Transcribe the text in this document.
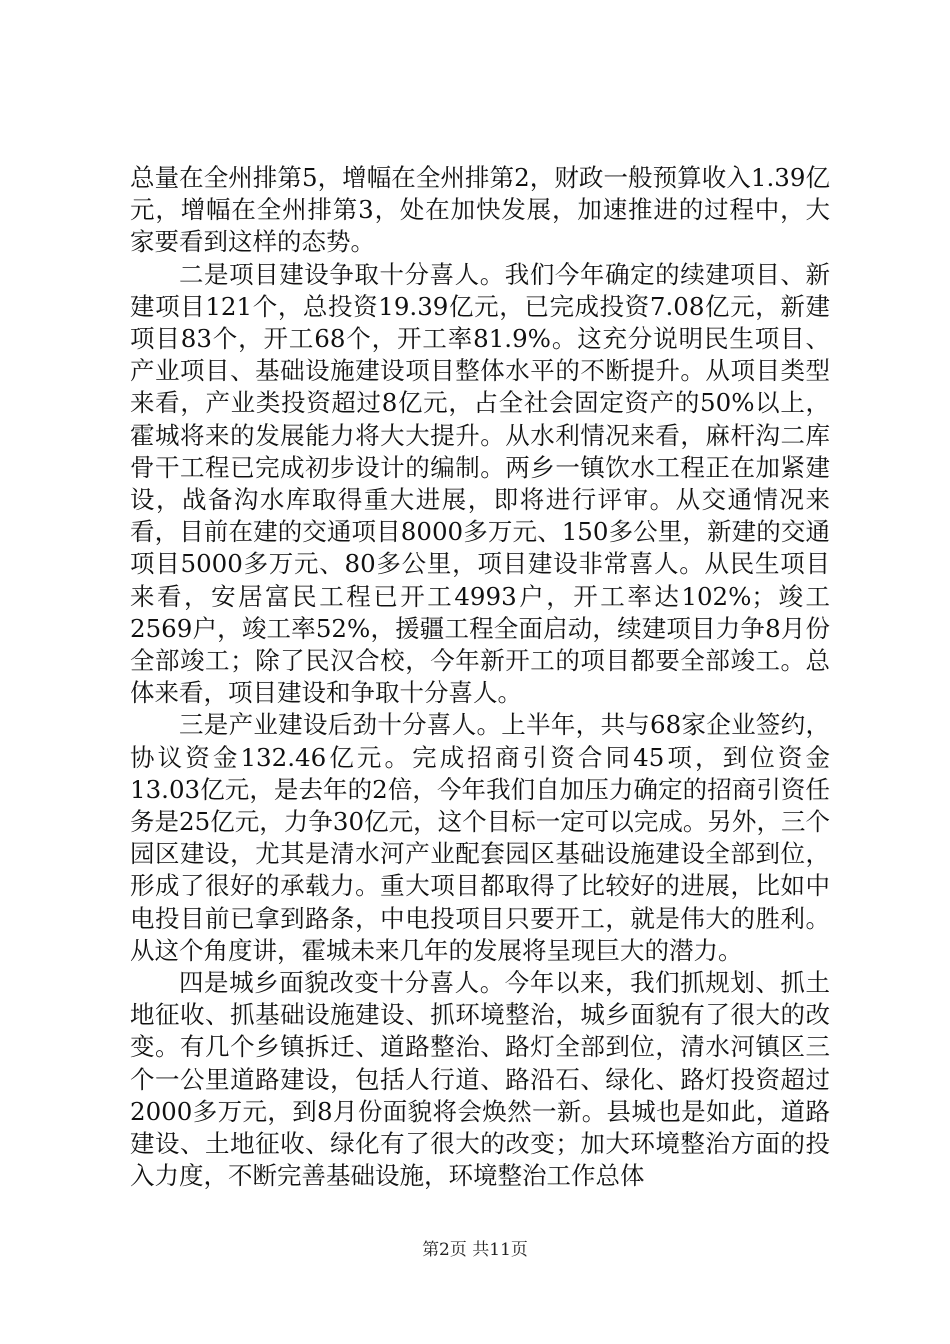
总量在全州排第5，增幅在全州排第2，财政一般预算收入1.39亿元，增幅在全州排第3，处在加快发展，加速推进的过程中，大家要看到这样的态势。

二是项目建设争取十分喜人。我们今年确定的续建项目、新建项目121个，总投资19.39亿元，已完成投资7.08亿元，新建项目83个，开工68个，开工率81.9%。这充分说明民生项目、产业项目、基础设施建设项目整体水平的不断提升。从项目类型来看，产业类投资超过8亿元，占全社会固定资产的50%以上，霍城将来的发展能力将大大提升。从水利情况来看，麻杆沟二库骨干工程已完成初步设计的编制。两乡一镇饮水工程正在加紧建设，战备沟水库取得重大进展，即将进行评审。从交通情况来看，目前在建的交通项目8000多万元、150多公里，新建的交通项目5000多万元、80多公里，项目建设非常喜人。从民生项目来看，安居富民工程已开工4993户，开工率达102%；竣工2569户，竣工率52%，援疆工程全面启动，续建项目力争8月份全部竣工；除了民汉合校，今年新开工的项目都要全部竣工。总体来看，项目建设和争取十分喜人。

三是产业建设后劲十分喜人。上半年，共与68家企业签约，协议资金132.46亿元。完成招商引资合同45项，到位资金13.03亿元，是去年的2倍，今年我们自加压力确定的招商引资任务是25亿元，力争30亿元，这个目标一定可以完成。另外，三个园区建设，尤其是清水河产业配套园区基础设施建设全部到位，形成了很好的承载力。重大项目都取得了比较好的进展，比如中电投目前已拿到路条，中电投项目只要开工，就是伟大的胜利。从这个角度讲，霍城未来几年的发展将呈现巨大的潜力。

四是城乡面貌改变十分喜人。今年以来，我们抓规划、抓土地征收、抓基础设施建设、抓环境整治，城乡面貌有了很大的改变。有几个乡镇拆迁、道路整治、路灯全部到位，清水河镇区三个一公里道路建设，包括人行道、路沿石、绿化、路灯投资超过2000多万元，到8月份面貌将会焕然一新。县城也是如此，道路建设、土地征收、绿化有了很大的改变；加大环境整治方面的投入力度，不断完善基础设施，环境整治工作总体

第2页 共11页
